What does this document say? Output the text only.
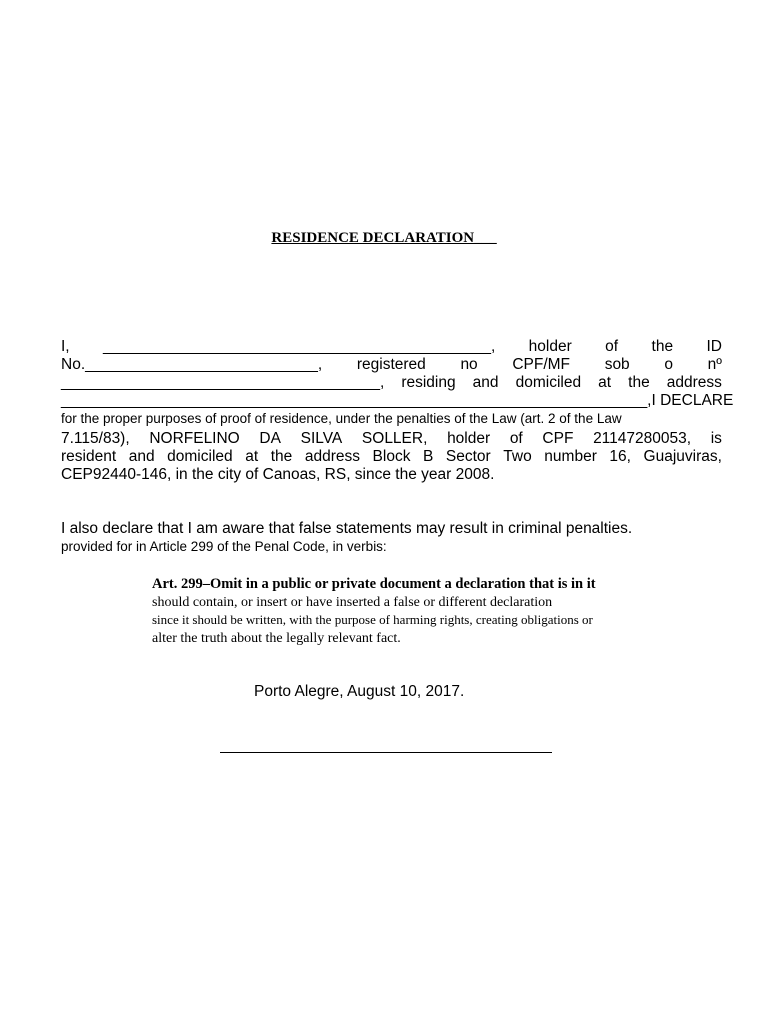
RESIDENCE DECLARATION___
I, _____________________________________________, holder of the ID
No.___________________________, registered no CPF/MF sob o nº
_____________________________________, residing and domiciled at the address
____________________________________________________________________, I DECLARE
for the proper purposes of proof of residence, under the penalties of the Law (art. 2 of the Law
7.115/83), NORFELINO DA SILVA SOLLER, holder of CPF 21147280053, is
resident and domiciled at the address Block B Sector Two number 16, Guajuviras,
CEP92440-146, in the city of Canoas, RS, since the year 2008.
I also declare that I am aware that false statements may result in criminal penalties.
provided for in Article 299 of the Penal Code, in verbis:
Art. 299–Omit in a public or private document a declaration that is in it
should contain, or insert or have inserted a false or different declaration
since it should be written, with the purpose of harming rights, creating obligations or
alter the truth about the legally relevant fact.
Porto Alegre, August 10, 2017.
